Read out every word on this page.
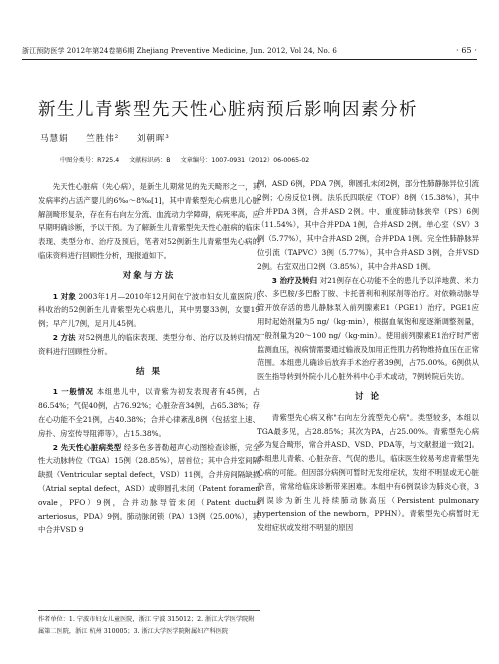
浙江预防医学 2012年第24卷第6期 Zhejiang Preventive Medicine, Jun. 2012, Vol 24, No. 6	· 65 ·
新生儿青紫型先天性心脏病预后影响因素分析
马慧娟 竺胜伟² 刘朝晖³
中图分类号：R725.4 文献标识码：B 文章编号：1007-0931（2012）06-0065-02

先天性心脏病（先心病），是新生儿期常见的先天畸形之一，其发病率约占活产婴儿的6‰～8‰[1]，其中青紫型先心病患儿心脏解剖畸形复杂，存在有右向左分流、血流动力学障碍，病死率高，应早期明确诊断，予以干预。为了解新生儿青紫型先天性心脏病的临床表现、类型分布、治疗及预后，笔者对52例新生儿青紫型先心病的临床资料进行回顾性分析，现报道如下。

对象与方法

1 对象 2003年1月—2010年12月间在宁波市妇女儿童医院儿科收治的52例新生儿青紫型先心病患儿，其中男婴33例，女婴19例；早产儿7例，足月儿45例。

2 方法 对52例患儿的临床表现、类型分布、治疗以及转归情况资料进行回顾性分析。

结 果

1 一般情况 本组患儿中，以青紫为初发表现者有45例，占86.54%；气促40例，占76.92%；心脏杂音34例，占65.38%；存在心功能不全21例，占40.38%；合并心律紊乱8例（包括室上速、房扑、房室传导阻滞等），占15.38%。

2 先天性心脏病类型 经多色多普勒超声心动图检查诊断，完全性大动脉转位（TGA）15例（28.85%），居首位；其中合并室间隔缺损（Ventricular septal defect，VSD）11例，合并房间隔缺损（Atrial septal defect，ASD）或卵圆孔未闭（Patent foramen ovale，PFO）9例，合并动脉导管未闭（Patent ductus arteriosus，PDA）9例。肺动脉闭锁（PA）13例（25.00%），其中合并VSD 9

例，ASD 6例，PDA 7例，卵圆孔未闭2例，部分性肺静脉异位引流2例；心房反位1例。法乐氏四联症（TOF）8例（15.38%），其中合并PDA 3例，合并ASD 2例。中、重度肺动脉狭窄（PS）6例（11.54%），其中合并PDA 1例，合并ASD 2例。单心室（SV）3例（5.77%），其中合并ASD 2例，合并PDA 1例。完全性肺静脉异位引流（TAPVC）3例（5.77%），其中合并ASD 3例，合并VSD 2例。右室双出口2例（3.85%），其中合并ASD 1例。

3 治疗及转归 对21例存在心功能不全的患儿予以洋地黄、米力农、多巴胺/多巴酚丁胺、卡托普利和利尿剂等治疗。对依赖动脉导管开放存活的患儿静脉泵入前列腺素E1（PGE1）治疗。PGE1应用时起始剂量为5 ng/（kg·min），根据血氧饱和度逐渐调整剂量，一般剂量为20～100 ng/（kg·min）。使用前列腺素E1治疗时严密监测血压，视病情需要通过输液及加用正性肌力药物维持血压在正常范围。本组患儿确诊后放弃手术治疗者39例，占75.00%。6例供从医生指导转到外院小儿心脏外科中心手术或动，7例转院后失访。

讨 论

青紫型先心病又称"右向左分流型先心病"。类型较多，本组以TGA最多见，占28.85%；其次为PA，占25.00%。青紫型先心病多为复合畸形，常合并ASD、VSD、PDA等，与文献报道一致[2]。本组患儿青紫、心脏杂音、气促的患儿，临床医生较易考虑青紫型先心病的可能。但因部分病例可暂时无发绀症状，发绀不明显或无心脏杂音，常常给临床诊断带来困难。本组中有6例误诊为肺炎心衰，3例误诊为新生儿持续肺动脉高压（Persistent pulmonary hypertension of the newborn，PPHN）。青紫型先心病暂时无发绀症状或发绀不明显的原因

作者单位：1. 宁波市妇女儿童医院，浙江 宁波 315012；2. 浙江大学医学院附属第二医院，浙江 杭州 310005；3. 浙江大学医学院附属妇产科医院
